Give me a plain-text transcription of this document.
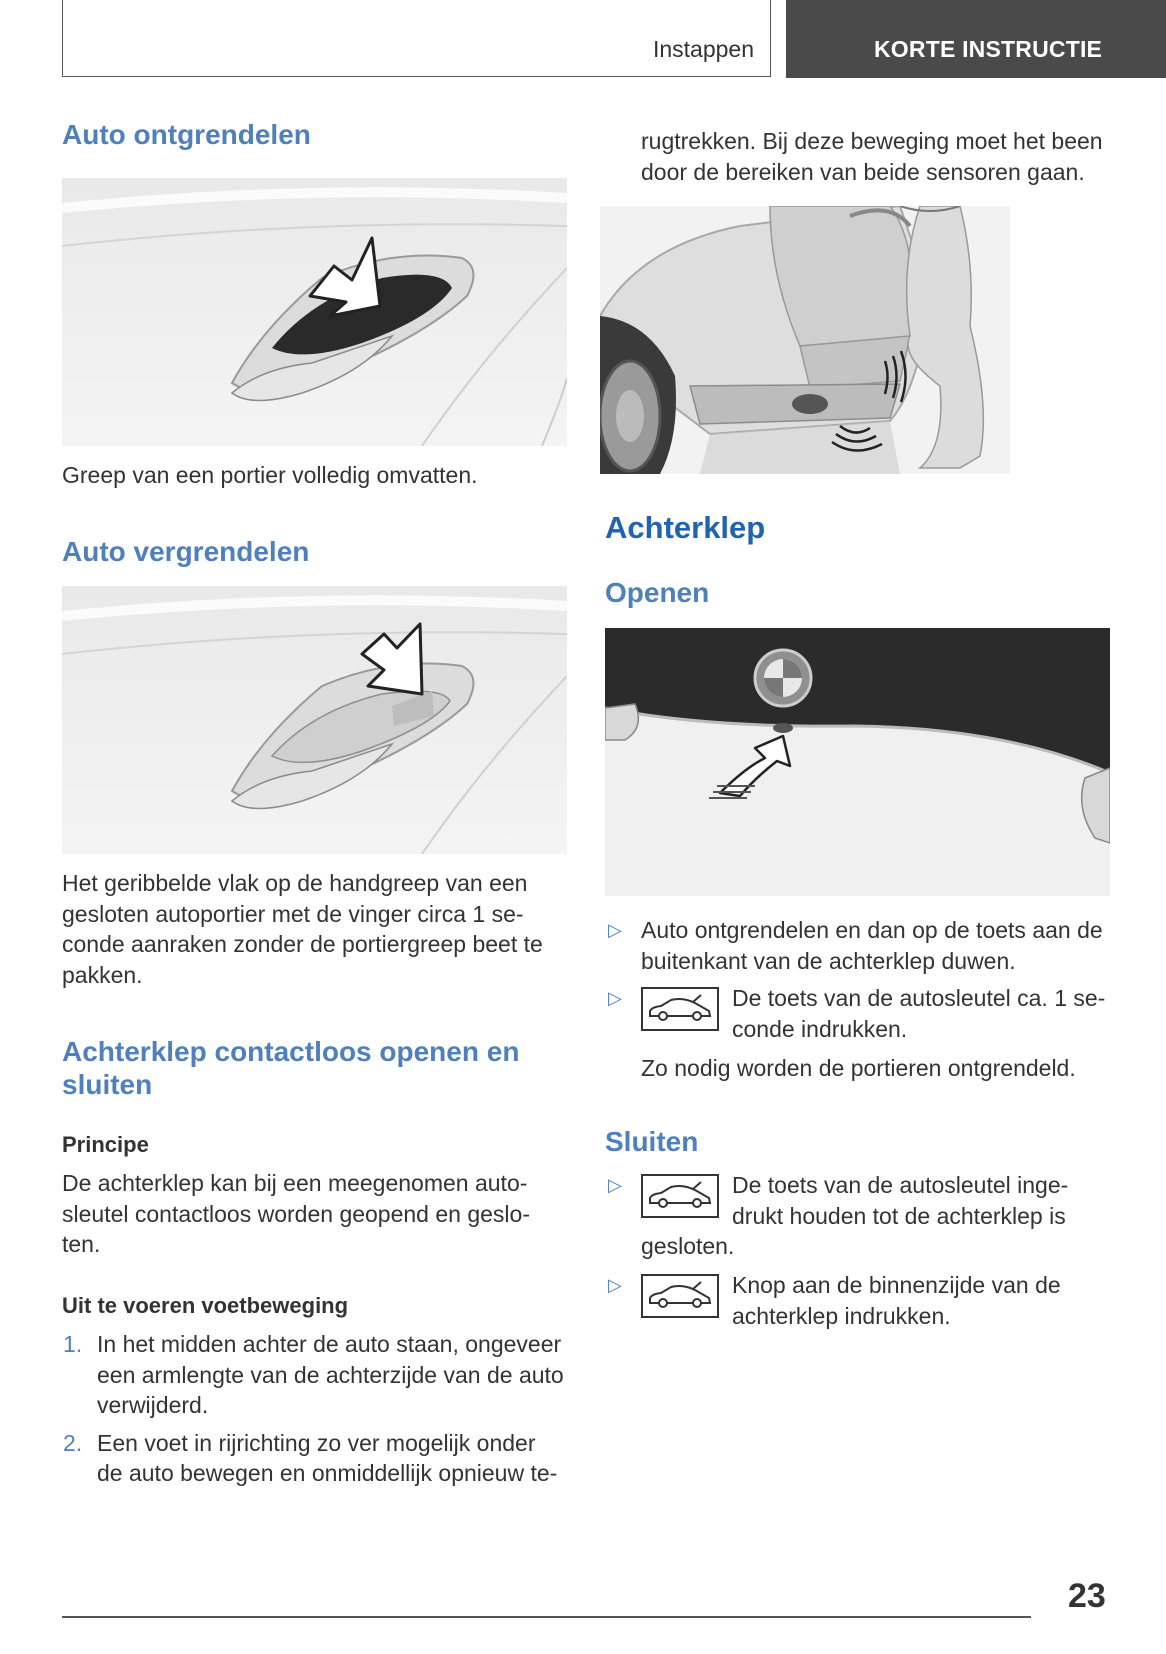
Instappen	KORTE INSTRUCTIE
Auto ontgrendelen
Greep van een portier volledig omvatten.
Auto vergrendelen
Het geribbelde vlak op de handgreep van een
gesloten autoportier met de vinger circa 1 se-
conde aanraken zonder de portiergreep beet te
pakken.
Achterklep contactloos openen en
sluiten
Principe
De achterklep kan bij een meegenomen auto-
sleutel contactloos worden geopend en geslo-
ten.
Uit te voeren voetbeweging
1. In het midden achter de auto staan, ongeveer
een armlengte van de achterzijde van de auto
verwijderd.
2. Een voet in rijrichting zo ver mogelijk onder
de auto bewegen en onmiddellijk opnieuw te-
rugtrekken. Bij deze beweging moet het been
door de bereiken van beide sensoren gaan.
Achterklep
Openen
▷ Auto ontgrendelen en dan op de toets aan de
buitenkant van de achterklep duwen.
▷	De toets van de autosleutel ca. 1 se-
conde indrukken.
Zo nodig worden de portieren ontgrendeld.
Sluiten
▷	De toets van de autosleutel inge-
drukt houden tot de achterklep is
gesloten.
▷	Knop aan de binnenzijde van de
achterklep indrukken.
23
